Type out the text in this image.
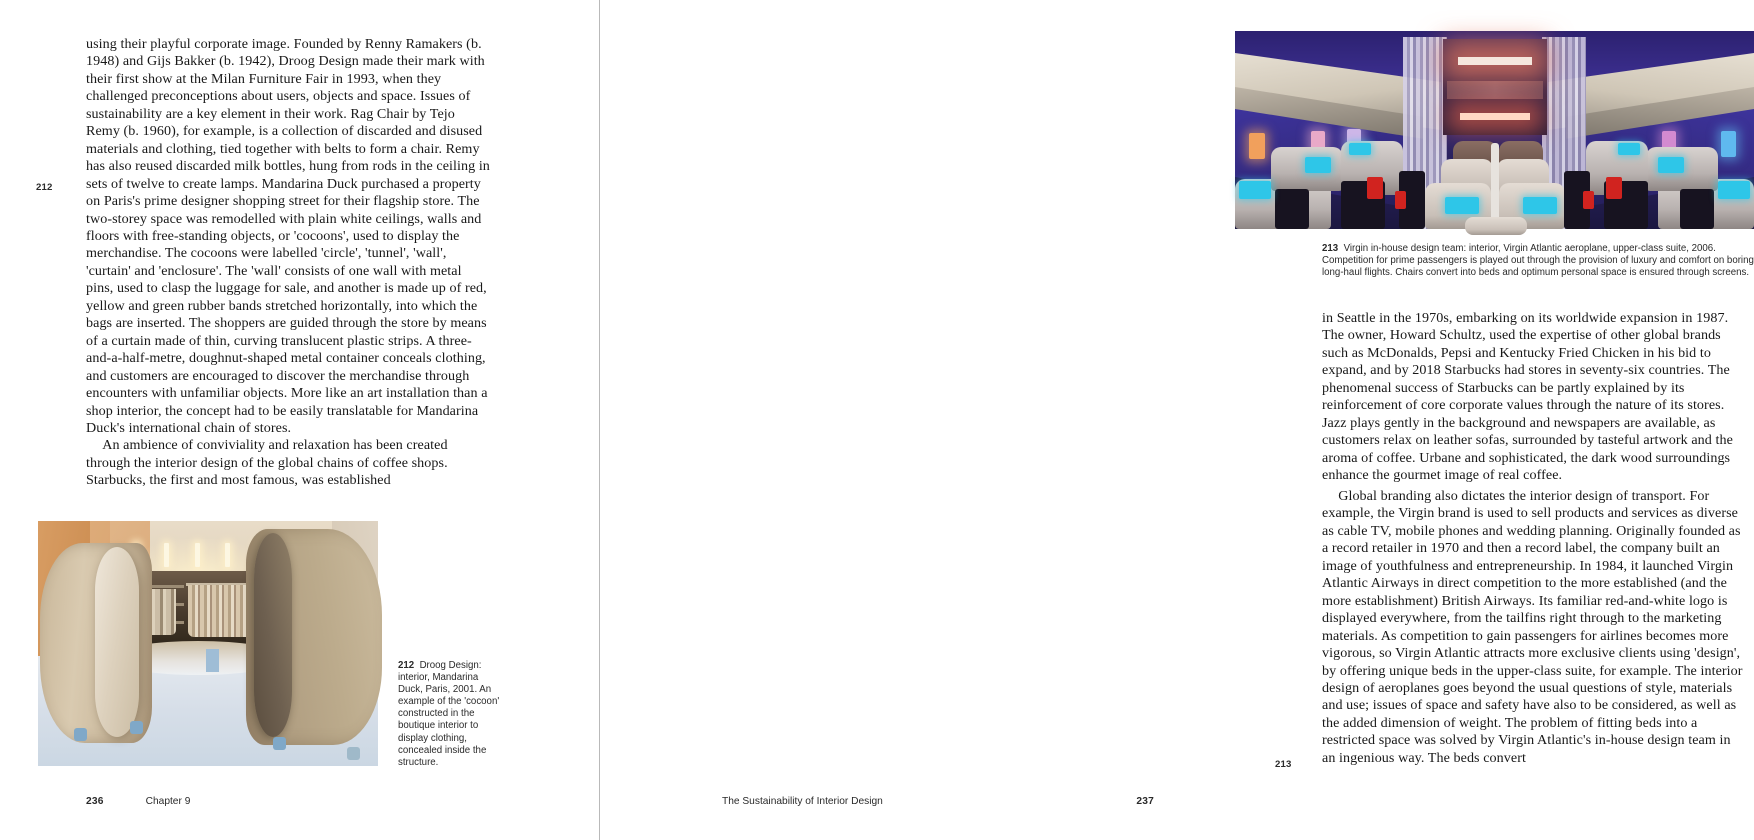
212

using their playful corporate image. Founded by Renny Ramakers (b. 1948) and Gijs Bakker (b. 1942), Droog Design made their mark with their first show at the Milan Furniture Fair in 1993, when they challenged preconceptions about users, objects and space. Issues of sustainability are a key element in their work. Rag Chair by Tejo Remy (b. 1960), for example, is a collection of discarded and disused materials and clothing, tied together with belts to form a chair. Remy has also reused discarded milk bottles, hung from rods in the ceiling in sets of twelve to create lamps. Mandarina Duck purchased a property on Paris's prime designer shopping street for their flagship store. The two-storey space was remodelled with plain white ceilings, walls and floors with free-standing objects, or 'cocoons', used to display the merchandise. The cocoons were labelled 'circle', 'tunnel', 'wall', 'curtain' and 'enclosure'. The 'wall' consists of one wall with metal pins, used to clasp the luggage for sale, and another is made up of red, yellow and green rubber bands stretched horizontally, into which the bags are inserted. The shoppers are guided through the store by means of a curtain made of thin, curving translucent plastic strips. A three-and-a-half-metre, doughnut-shaped metal container conceals clothing, and customers are encouraged to discover the merchandise through encounters with unfamiliar objects. More like an art installation than a shop interior, the concept had to be easily translatable for Mandarina Duck's international chain of stores.

An ambience of conviviality and relaxation has been created through the interior design of the global chains of coffee shops. Starbucks, the first and most famous, was established

212 Droog Design: interior, Mandarina Duck, Paris, 2001. An example of the 'cocoon' constructed in the boutique interior to display clothing, concealed inside the structure.
236	Chapter 9
213 Virgin in-house design team: interior, Virgin Atlantic aeroplane, upper-class suite, 2006. Competition for prime passengers is played out through the provision of luxury and comfort on boring long-haul flights. Chairs convert into beds and optimum personal space is ensured through screens.

in Seattle in the 1970s, embarking on its worldwide expansion in 1987. The owner, Howard Schultz, used the expertise of other global brands such as McDonalds, Pepsi and Kentucky Fried Chicken in his bid to expand, and by 2018 Starbucks had stores in seventy-six countries. The phenomenal success of Starbucks can be partly explained by its reinforcement of core corporate values through the nature of its stores. Jazz plays gently in the background and newspapers are available, as customers relax on leather sofas, surrounded by tasteful artwork and the aroma of coffee. Urbane and sophisticated, the dark wood surroundings enhance the gourmet image of real coffee.

Global branding also dictates the interior design of transport. For example, the Virgin brand is used to sell products and services as diverse as cable TV, mobile phones and wedding planning. Originally founded as a record retailer in 1970 and then a record label, the company built an image of youthfulness and entrepreneurship. In 1984, it launched Virgin Atlantic Airways in direct competition to the more established (and the more establishment) British Airways. Its familiar red-and-white logo is displayed everywhere, from the tailfins right through to the marketing materials. As competition to gain passengers for airlines becomes more vigorous, so Virgin Atlantic attracts more exclusive clients using 'design', by offering unique beds in the upper-class suite, for example. The interior design of aeroplanes goes beyond the usual questions of style, materials and use; issues of space and safety have also to be considered, as well as the added dimension of weight. The problem of fitting beds into a restricted space was solved by Virgin Atlantic's in-house design team in an ingenious way. The beds convert

213
The Sustainability of Interior Design	237
